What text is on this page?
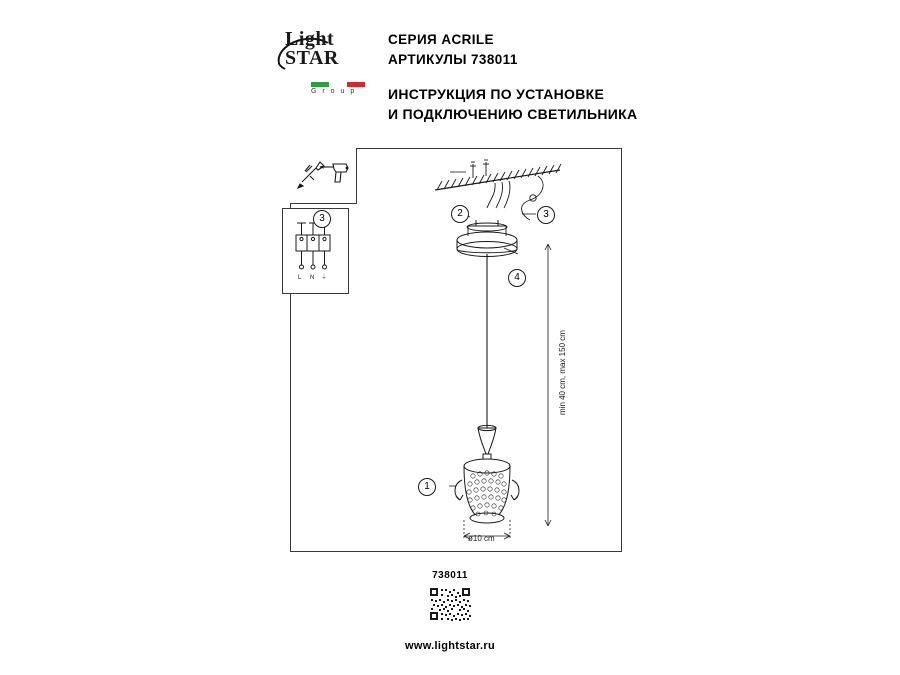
Light
STAR
G r o u p
СЕРИЯ ACRILE
АРТИКУЛЫ 738011
ИНСТРУКЦИЯ ПО УСТАНОВКЕ
И ПОДКЛЮЧЕНИЮ СВЕТИЛЬНИКА
L N ⏚
3	2	3
4
1
min 40 cm, max 150 cm
ø10 cm
738011
www.lightstar.ru
